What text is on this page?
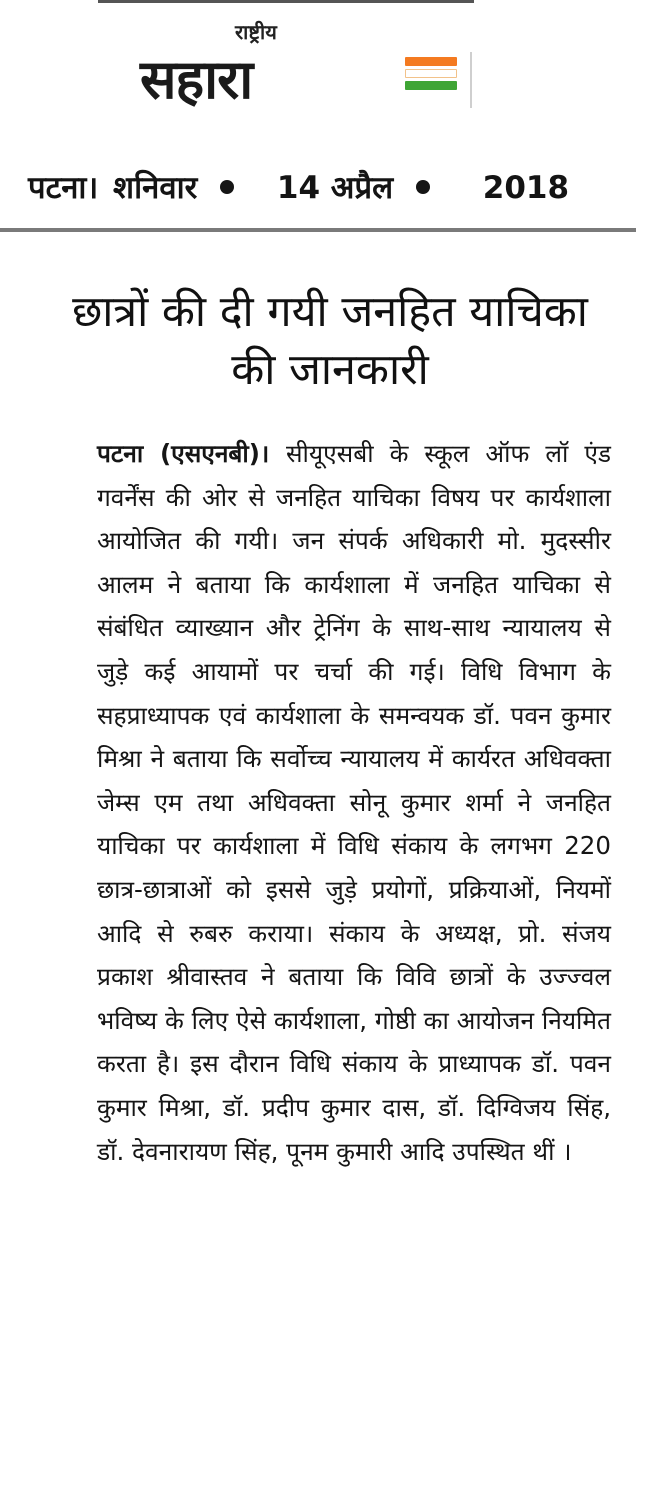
राष्ट्रीय
सहारा
पटना। शनिवार	14 अप्रैल	2018
छात्रों की दी गयी जनहित याचिका की जानकारी
पटना (एसएनबी)। सीयूएसबी के स्कूल ऑफ लॉ एंड गवर्नेंस की ओर से जनहित याचिका विषय पर कार्यशाला आयोजित की गयी। जन संपर्क अधिकारी मो. मुदस्सीर आलम ने बताया कि कार्यशाला में जनहित याचिका से संबंधित व्याख्यान और ट्रेनिंग के साथ-साथ न्यायालय से जुड़े कई आयामों पर चर्चा की गई। विधि विभाग के सहप्राध्यापक एवं कार्यशाला के समन्वयक डॉ. पवन कुमार मिश्रा ने बताया कि सर्वोच्च न्यायालय में कार्यरत अधिवक्ता जेम्स एम तथा अधिवक्ता सोनू कुमार शर्मा ने जनहित याचिका पर कार्यशाला में विधि संकाय के लगभग 220 छात्र-छात्राओं को इससे जुड़े प्रयोगों, प्रक्रियाओं, नियमों आदि से रुबरु कराया। संकाय के अध्यक्ष, प्रो. संजय प्रकाश श्रीवास्तव ने बताया कि विवि छात्रों के उज्ज्वल भविष्य के लिए ऐसे कार्यशाला, गोष्ठी का आयोजन नियमित करता है। इस दौरान विधि संकाय के प्राध्यापक डॉ. पवन कुमार मिश्रा, डॉ. प्रदीप कुमार दास, डॉ. दिग्विजय सिंह, डॉ. देवनारायण सिंह, पूनम कुमारी आदि उपस्थित थीं ।
